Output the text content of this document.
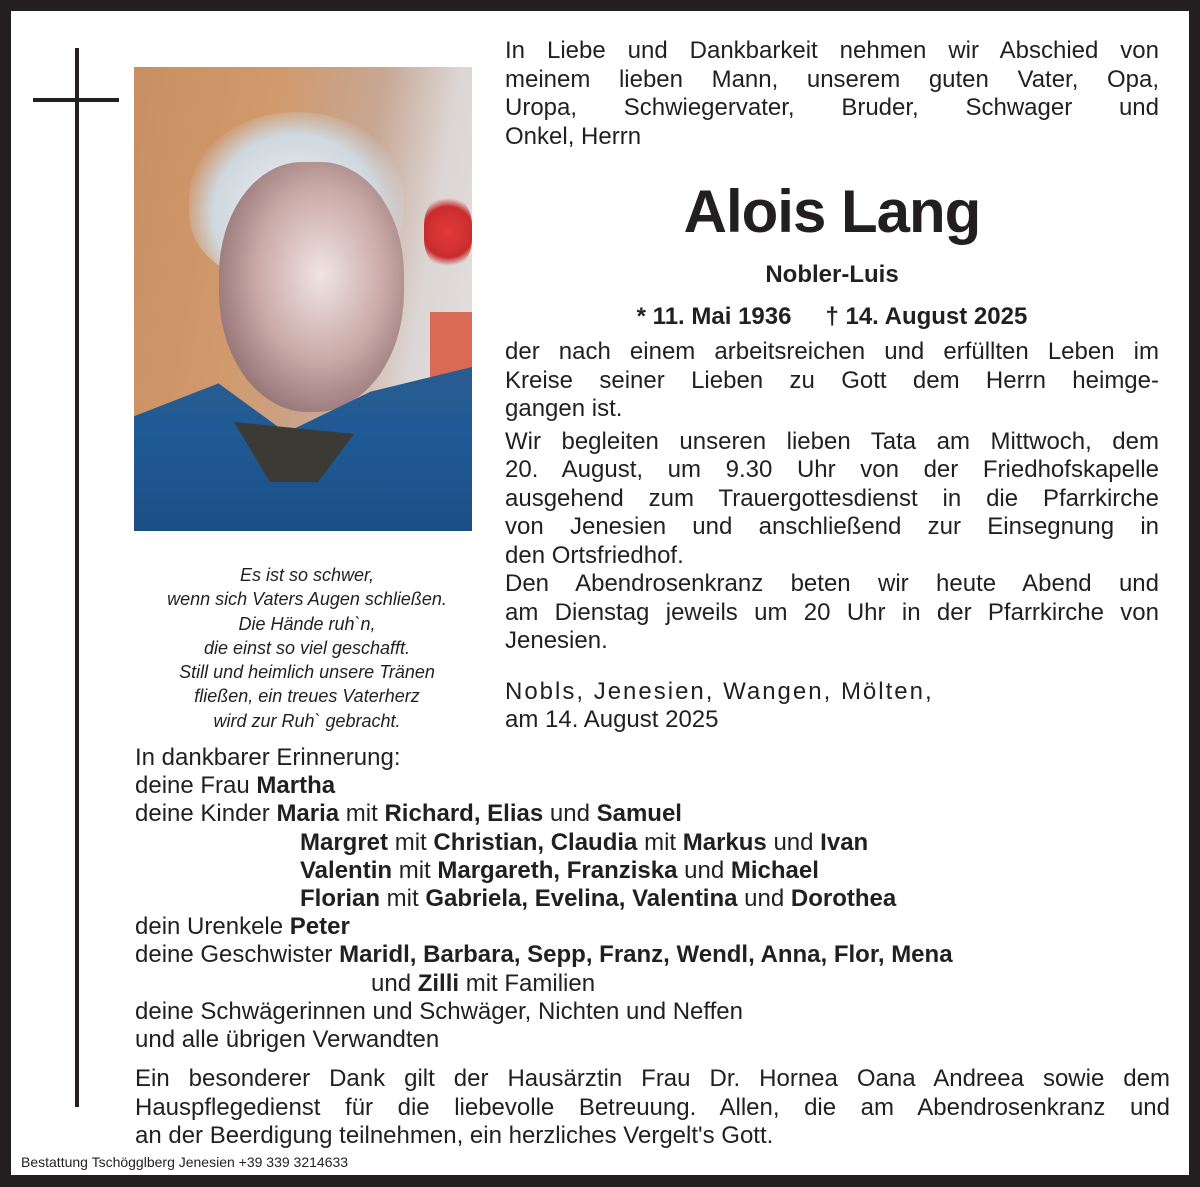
In Liebe und Dankbarkeit nehmen wir Abschied von
meinem lieben Mann, unserem guten Vater, Opa,
Uropa, Schwiegervater, Bruder, Schwager und
Onkel, Herrn
Alois Lang
Nobler-Luis
* 11. Mai 1936 † 14. August 2025
der nach einem arbeitsreichen und erfüllten Leben im
Kreise seiner Lieben zu Gott dem Herrn heimge-
gangen ist.
Wir begleiten unseren lieben Tata am Mittwoch, dem
20. August, um 9.30 Uhr von der Friedhofskapelle
ausgehend zum Trauergottesdienst in die Pfarrkirche
von Jenesien und anschließend zur Einsegnung in
den Ortsfriedhof.
Den Abendrosenkranz beten wir heute Abend und
am Dienstag jeweils um 20 Uhr in der Pfarrkirche von
Jenesien.
Nobls, Jenesien, Wangen, Mölten,
am 14. August 2025
Es ist so schwer,
wenn sich Vaters Augen schließen.
Die Hände ruh`n,
die einst so viel geschafft.
Still und heimlich unsere Tränen
fließen, ein treues Vaterherz
wird zur Ruh` gebracht.
In dankbarer Erinnerung:
deine Frau Martha
deine Kinder Maria mit Richard, Elias und Samuel
Margret mit Christian, Claudia mit Markus und Ivan
Valentin mit Margareth, Franziska und Michael
Florian mit Gabriela, Evelina, Valentina und Dorothea
dein Urenkele Peter
deine Geschwister Maridl, Barbara, Sepp, Franz, Wendl, Anna, Flor, Mena
und Zilli mit Familien
deine Schwägerinnen und Schwäger, Nichten und Neffen
und alle übrigen Verwandten
Ein besonderer Dank gilt der Hausärztin Frau Dr. Hornea Oana Andreea sowie dem
Hauspflegedienst für die liebevolle Betreuung. Allen, die am Abendrosenkranz und
an der Beerdigung teilnehmen, ein herzliches Vergelt's Gott.
Bestattung Tschögglberg Jenesien +39 339 3214633
